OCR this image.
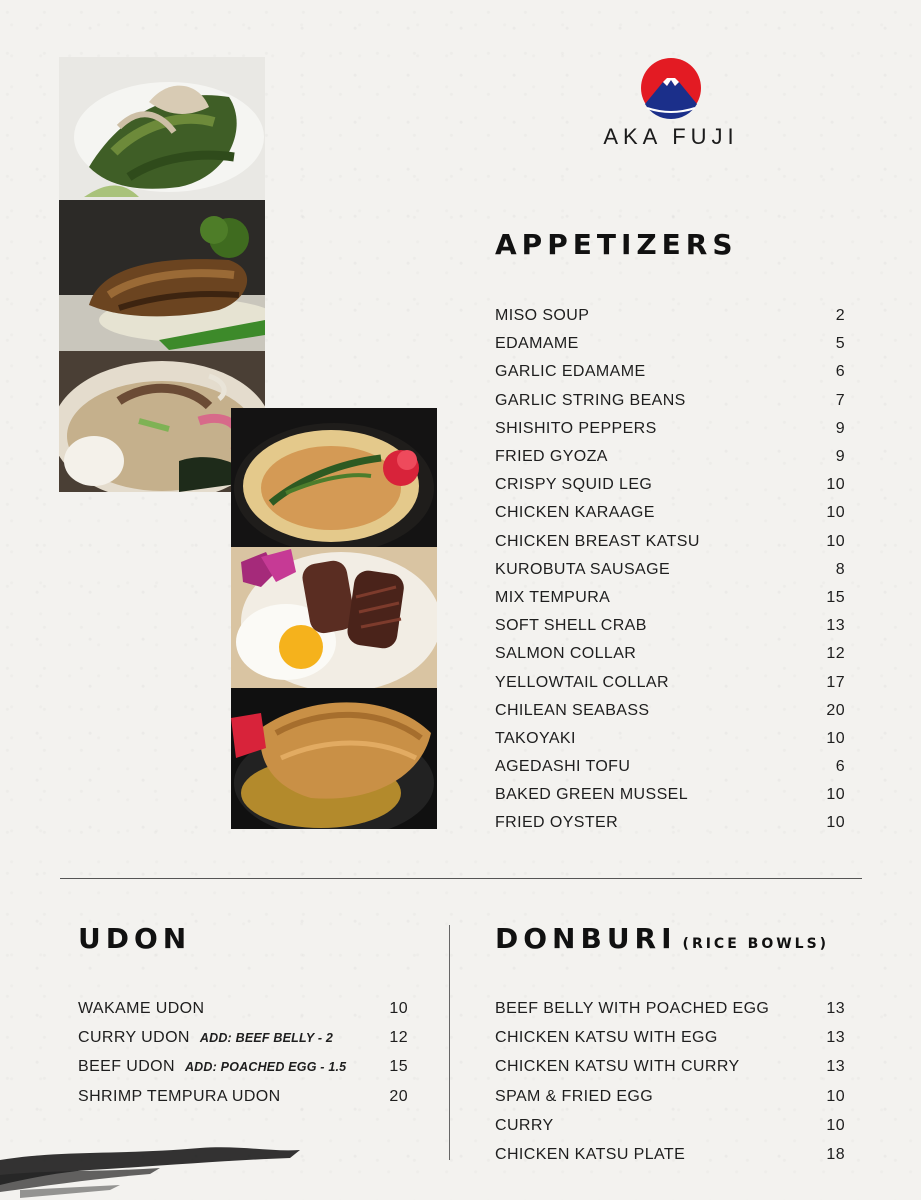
AKA FUJI
APPETIZERS
MISO SOUP	2
EDAMAME	5
GARLIC EDAMAME	6
GARLIC STRING BEANS	7
SHISHITO PEPPERS	9
FRIED GYOZA	9
CRISPY SQUID LEG	10
CHICKEN KARAAGE	10
CHICKEN BREAST KATSU	10
KUROBUTA SAUSAGE	8
MIX TEMPURA	15
SOFT SHELL CRAB	13
SALMON COLLAR	12
YELLOWTAIL COLLAR	17
CHILEAN SEABASS	20
TAKOYAKI	10
AGEDASHI TOFU	6
BAKED GREEN MUSSEL	10
FRIED OYSTER	10
UDON
WAKAME UDON	10
CURRY UDON ADD: BEEF BELLY - 2	12
BEEF UDON ADD: POACHED EGG - 1.5	15
SHRIMP TEMPURA UDON	20
DONBURI (RICE BOWLS)
BEEF BELLY WITH POACHED EGG	13
CHICKEN KATSU WITH EGG	13
CHICKEN KATSU WITH CURRY	13
SPAM & FRIED EGG	10
CURRY	10
CHICKEN KATSU PLATE	18
